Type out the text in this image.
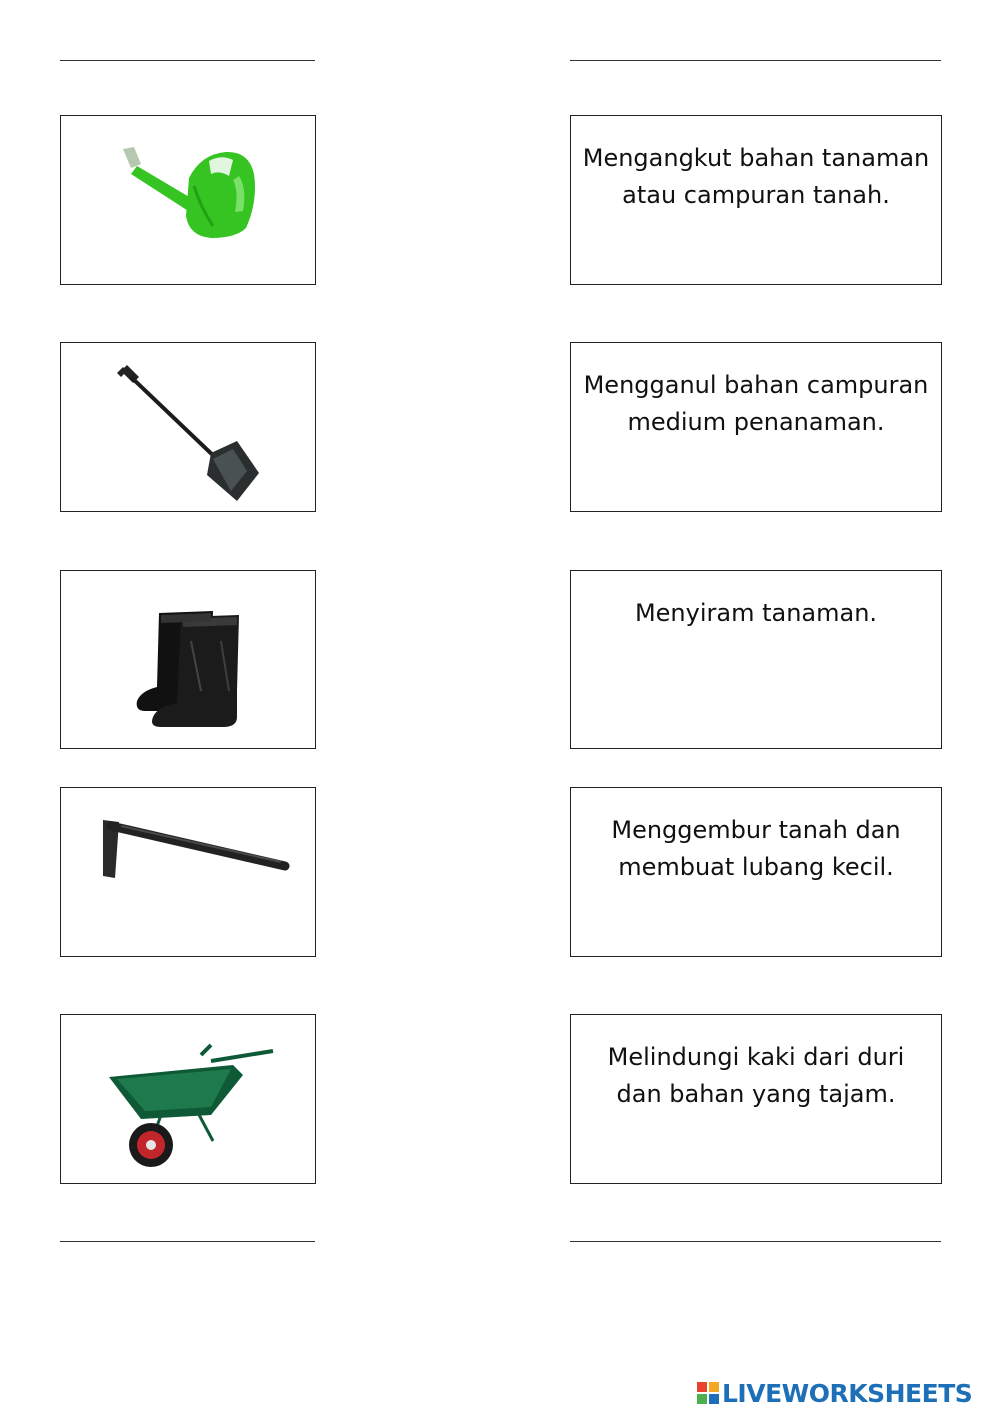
Mengangkut bahan tanaman
atau campuran tanah.
Mengganul bahan campuran
medium penanaman.
Menyiram tanaman.
Menggembur tanah dan
membuat lubang kecil.
Melindungi kaki dari duri
dan bahan yang tajam.
LIVEWORKSHEETS
